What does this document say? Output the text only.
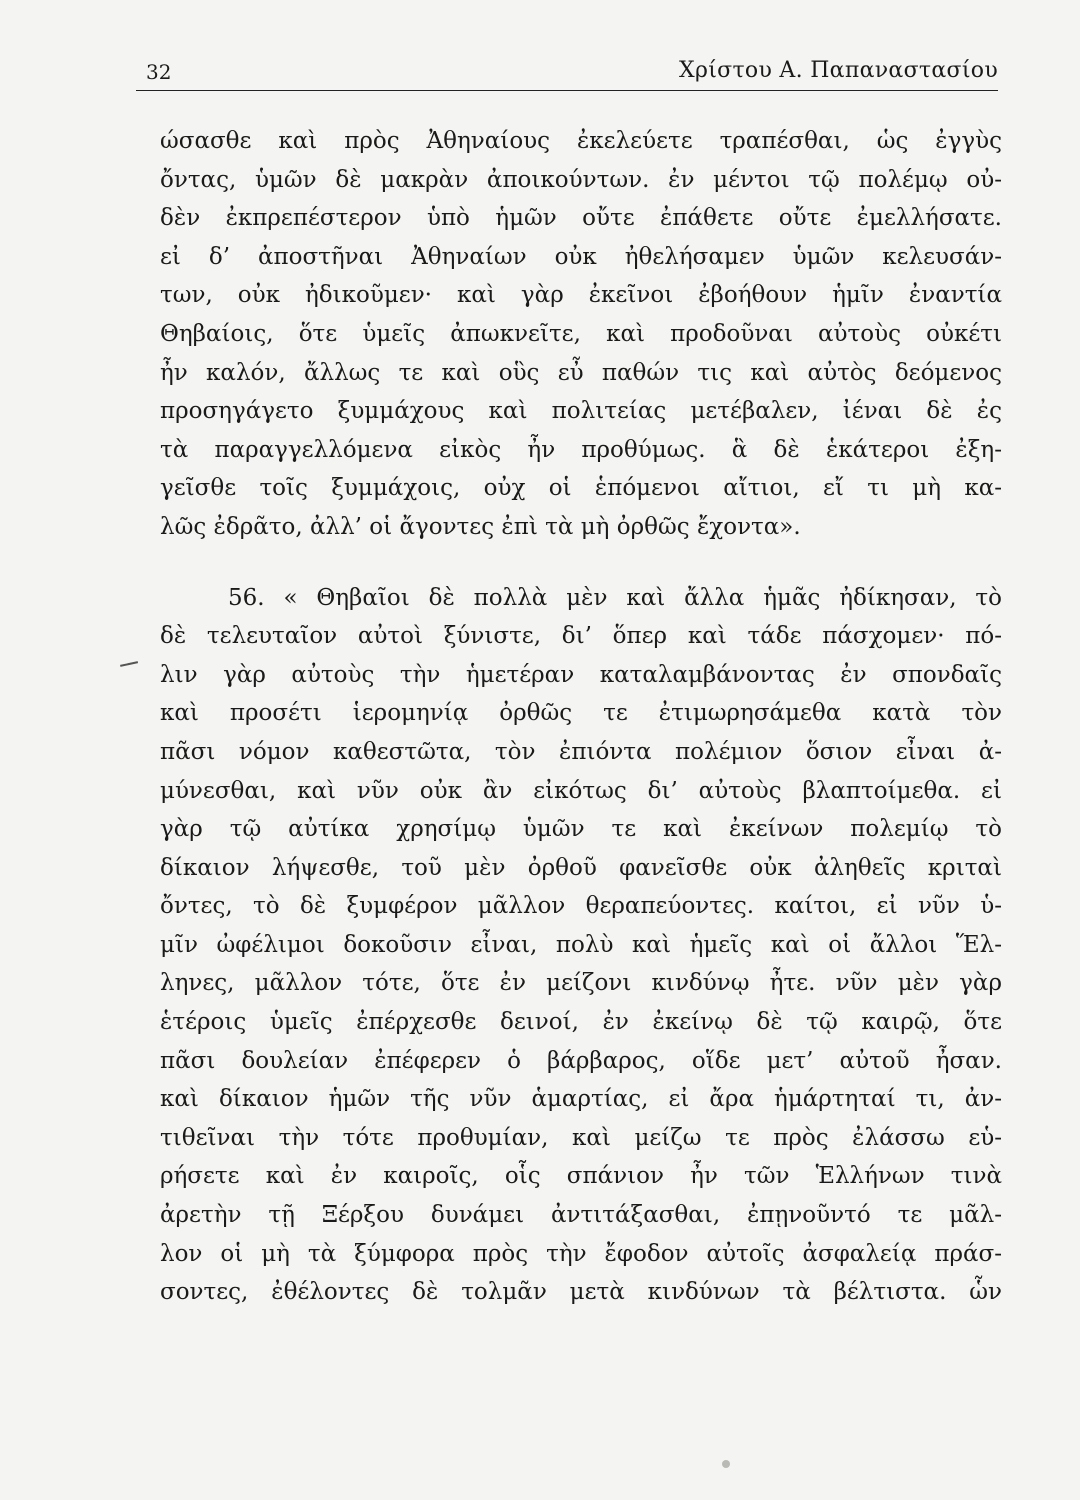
32	Χρίστου Α. Παπαναστασίου
ώσασθε καὶ πρὸς Ἀθηναίους ἐκελεύετε τραπέσθαι, ὡς ἐγγὺς
ὄντας, ὑμῶν δὲ μακρὰν ἀποικούντων. ἐν μέντοι τῷ πολέμῳ οὐ-
δὲν ἐκπρεπέστερον ὑπὸ ἡμῶν οὔτε ἐπάθετε οὔτε ἐμελλήσατε.
εἰ δ’ ἀποστῆναι Ἀθηναίων οὐκ ἠθελήσαμεν ὑμῶν κελευσάν-
των, οὐκ ἠδικοῦμεν· καὶ γὰρ ἐκεῖνοι ἐβοήθουν ἡμῖν ἐναντία
Θηβαίοις, ὅτε ὑμεῖς ἀπωκνεῖτε, καὶ προδοῦναι αὐτοὺς οὐκέτι
ἦν καλόν, ἄλλως τε καὶ οὓς εὖ παθών τις καὶ αὐτὸς δεόμενος
προσηγάγετο ξυμμάχους καὶ πολιτείας μετέβαλεν, ἰέναι δὲ ἐς
τὰ παραγγελλόμενα εἰκὸς ἦν προθύμως. ἃ δὲ ἑκάτεροι ἐξη-
γεῖσθε τοῖς ξυμμάχοις, οὐχ οἱ ἑπόμενοι αἴτιοι, εἴ τι μὴ κα-
λῶς ἐδρᾶτο, ἀλλ’ οἱ ἄγοντες ἐπὶ τὰ μὴ ὀρθῶς ἔχοντα».
56. « Θηβαῖοι δὲ πολλὰ μὲν καὶ ἄλλα ἡμᾶς ἠδίκησαν, τὸ
δὲ τελευταῖον αὐτοὶ ξύνιστε, δι’ ὅπερ καὶ τάδε πάσχομεν· πό-
λιν γὰρ αὐτοὺς τὴν ἡμετέραν καταλαμβάνοντας ἐν σπονδαῖς
καὶ προσέτι ἱερομηνίᾳ ὀρθῶς τε ἐτιμωρησάμεθα κατὰ τὸν
πᾶσι νόμον καθεστῶτα, τὸν ἐπιόντα πολέμιον ὅσιον εἶναι ἀ-
μύνεσθαι, καὶ νῦν οὐκ ἂν εἰκότως δι’ αὐτοὺς βλαπτοίμεθα. εἰ
γὰρ τῷ αὐτίκα χρησίμῳ ὑμῶν τε καὶ ἐκείνων πολεμίῳ τὸ
δίκαιον λήψεσθε, τοῦ μὲν ὀρθοῦ φανεῖσθε οὐκ ἀληθεῖς κριταὶ
ὄντες, τὸ δὲ ξυμφέρον μᾶλλον θεραπεύοντες. καίτοι, εἰ νῦν ὑ-
μῖν ὠφέλιμοι δοκοῦσιν εἶναι, πολὺ καὶ ἡμεῖς καὶ οἱ ἄλλοι Ἕλ-
ληνες, μᾶλλον τότε, ὅτε ἐν μείζονι κινδύνῳ ἦτε. νῦν μὲν γὰρ
ἑτέροις ὑμεῖς ἐπέρχεσθε δεινοί, ἐν ἐκείνῳ δὲ τῷ καιρῷ, ὅτε
πᾶσι δουλείαν ἐπέφερεν ὁ βάρβαρος, οἵδε μετ’ αὐτοῦ ἦσαν.
καὶ δίκαιον ἡμῶν τῆς νῦν ἁμαρτίας, εἰ ἄρα ἡμάρτηταί τι, ἀν-
τιθεῖναι τὴν τότε προθυμίαν, καὶ μείζω τε πρὸς ἐλάσσω εὑ-
ρήσετε καὶ ἐν καιροῖς, οἷς σπάνιον ἦν τῶν Ἑλλήνων τινὰ
ἀρετὴν τῇ Ξέρξου δυνάμει ἀντιτάξασθαι, ἐπῃνοῦντό τε μᾶλ-
λον οἱ μὴ τὰ ξύμφορα πρὸς τὴν ἔφοδον αὐτοῖς ἀσφαλείᾳ πράσ-
σοντες, ἐθέλοντες δὲ τολμᾶν μετὰ κινδύνων τὰ βέλτιστα. ὧν
